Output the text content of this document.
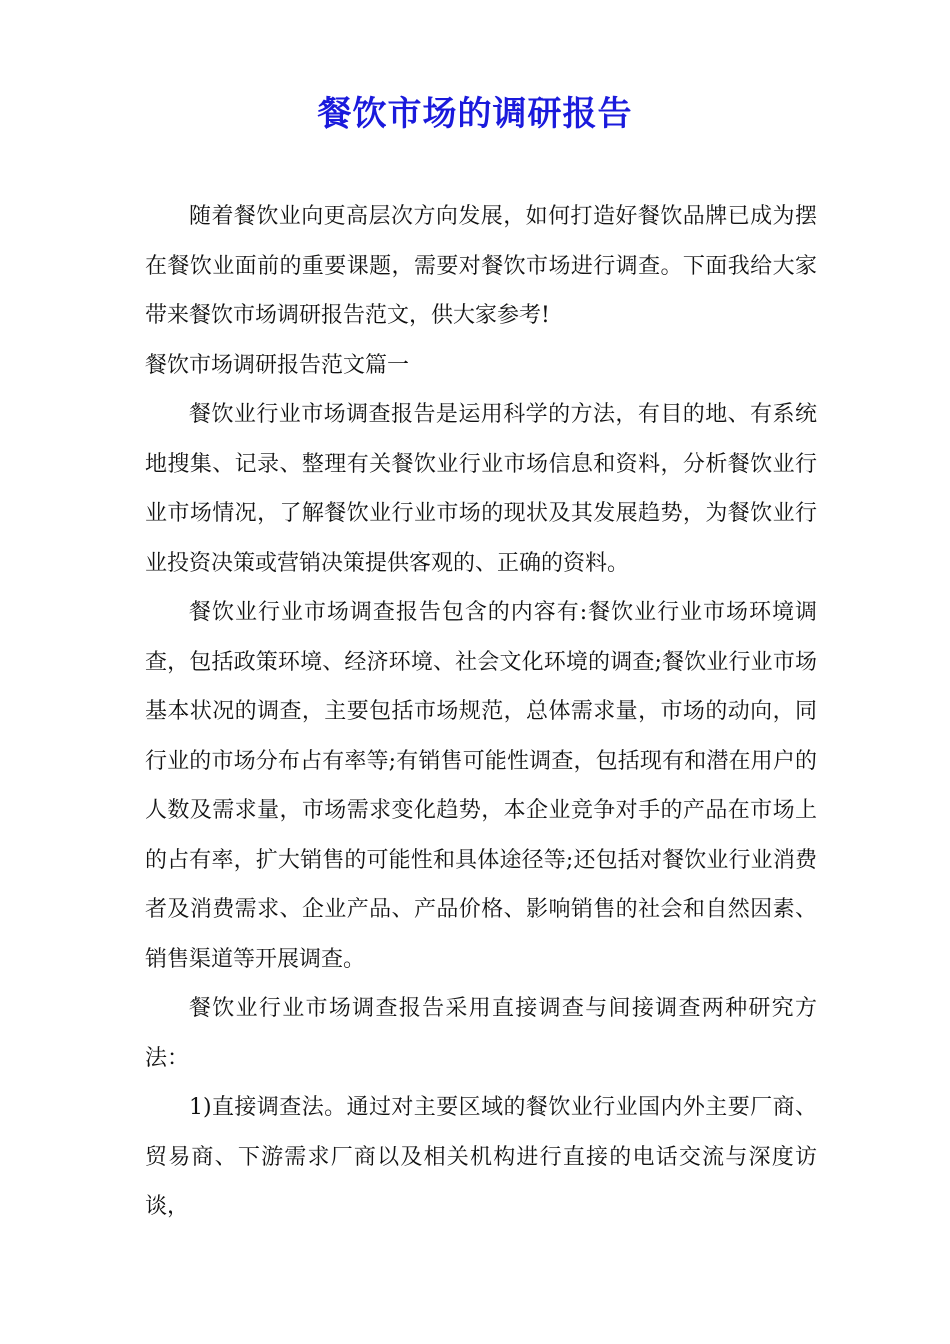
餐饮市场的调研报告

随着餐饮业向更高层次方向发展，如何打造好餐饮品牌已成为摆在餐饮业面前的重要课题，需要对餐饮市场进行调查。下面我给大家带来餐饮市场调研报告范文，供大家参考!

餐饮市场调研报告范文篇一

餐饮业行业市场调查报告是运用科学的方法，有目的地、有系统地搜集、记录、整理有关餐饮业行业市场信息和资料，分析餐饮业行业市场情况，了解餐饮业行业市场的现状及其发展趋势，为餐饮业行业投资决策或营销决策提供客观的、正确的资料。

餐饮业行业市场调查报告包含的内容有:餐饮业行业市场环境调查，包括政策环境、经济环境、社会文化环境的调查;餐饮业行业市场基本状况的调查，主要包括市场规范，总体需求量，市场的动向，同行业的市场分布占有率等;有销售可能性调查，包括现有和潜在用户的人数及需求量，市场需求变化趋势，本企业竞争对手的产品在市场上的占有率，扩大销售的可能性和具体途径等;还包括对餐饮业行业消费者及消费需求、企业产品、产品价格、影响销售的社会和自然因素、销售渠道等开展调查。

餐饮业行业市场调查报告采用直接调查与间接调查两种研究方法：

1)直接调查法。通过对主要区域的餐饮业行业国内外主要厂商、贸易商、下游需求厂商以及相关机构进行直接的电话交流与深度访谈，
